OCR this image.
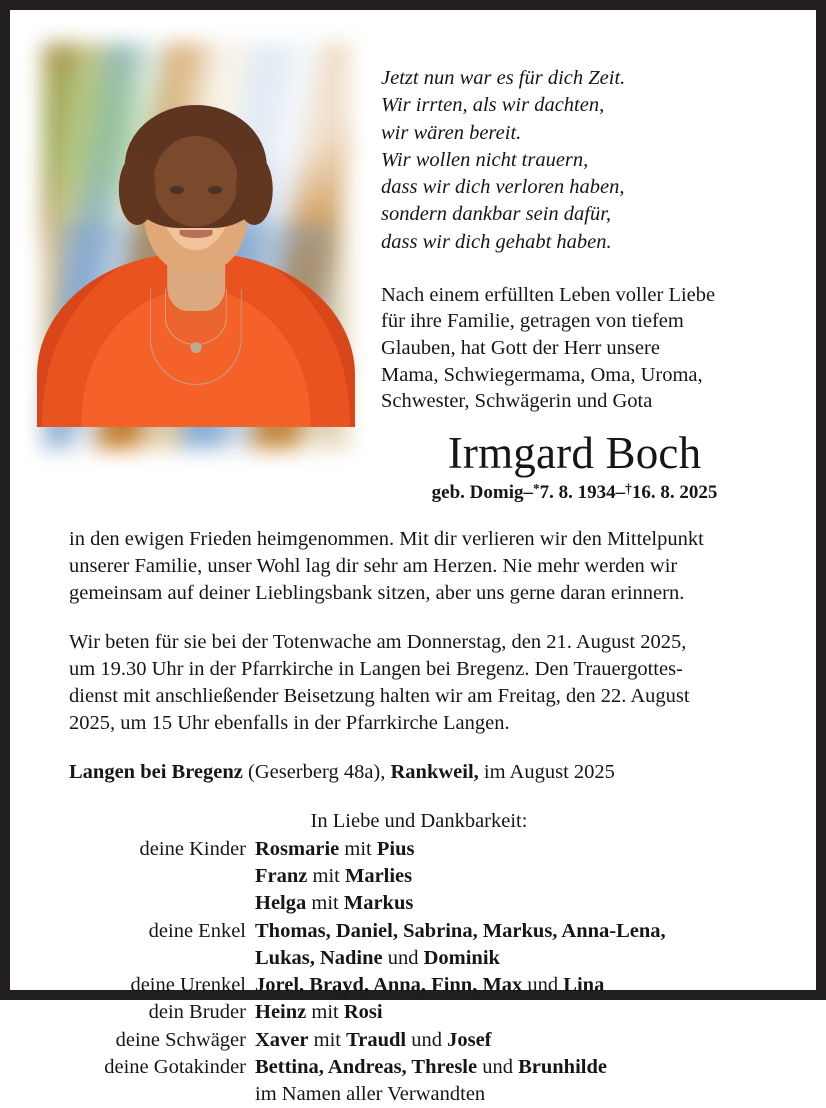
Jetzt nun war es für dich Zeit.
Wir irrten, als wir dachten,
wir wären bereit.
Wir wollen nicht trauern,
dass wir dich verloren haben,
sondern dankbar sein dafür,
dass wir dich gehabt haben.
Nach einem erfüllten Leben voller Liebe
für ihre Familie, getragen von tiefem
Glauben, hat Gott der Herr unsere
Mama, Schwiegermama, Oma, Uroma,
Schwester, Schwägerin und Gota
Irmgard Boch
geb. Domig–*7. 8. 1934–†16. 8. 2025
in den ewigen Frieden heimgenommen. Mit dir verlieren wir den Mittelpunkt
unserer Familie, unser Wohl lag dir sehr am Herzen. Nie mehr werden wir
gemeinsam auf deiner Lieblingsbank sitzen, aber uns gerne daran erinnern.
Wir beten für sie bei der Totenwache am Donnerstag, den 21. August 2025,
um 19.30 Uhr in der Pfarrkirche in Langen bei Bregenz. Den Trauergottes-
dienst mit anschließender Beisetzung halten wir am Freitag, den 22. August
2025, um 15 Uhr ebenfalls in der Pfarrkirche Langen.
Langen bei Bregenz (Geserberg 48a), Rankweil, im August 2025
In Liebe und Dankbarkeit:
deine Kinder Rosmarie mit Pius
Franz mit Marlies
Helga mit Markus
deine Enkel Thomas, Daniel, Sabrina, Markus, Anna-Lena,
Lukas, Nadine und Dominik
deine Urenkel Jorel, Brayd, Anna, Finn, Max und Lina
dein Bruder Heinz mit Rosi
deine Schwäger Xaver mit Traudl und Josef
deine Gotakinder Bettina, Andreas, Thresle und Brunhilde
im Namen aller Verwandten
